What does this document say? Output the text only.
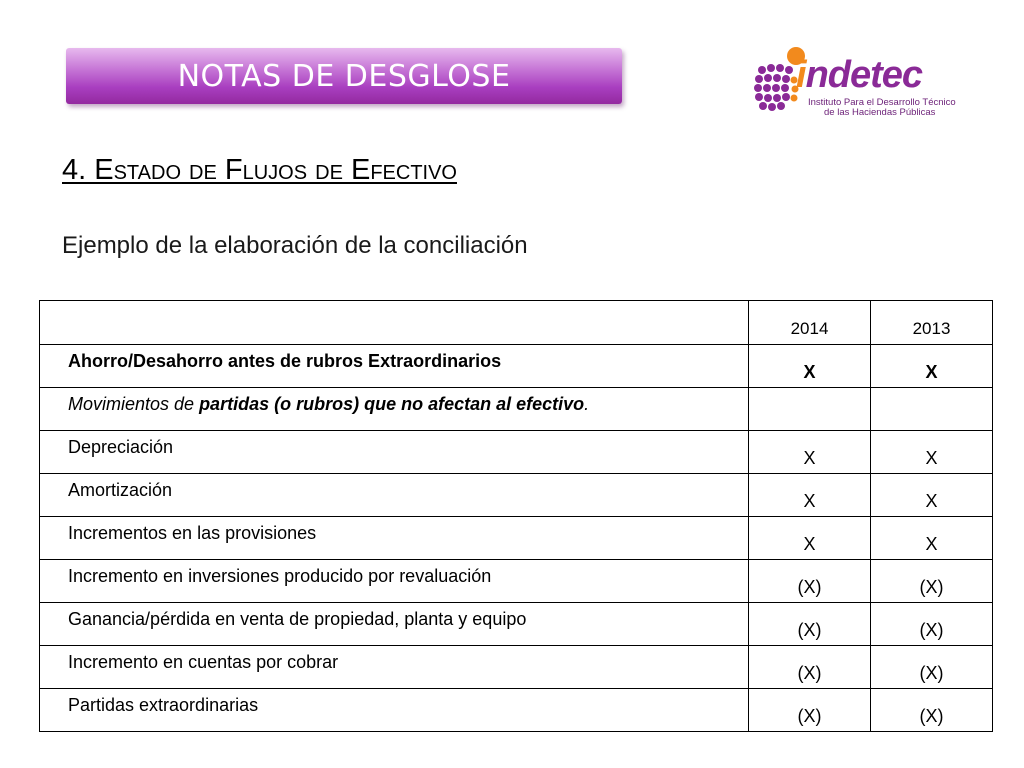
NOTAS DE DESGLOSE	indetec
Instituto Para el Desarrollo Técnico
de las Haciendas Públicas
4. Estado de Flujos de Efectivo
Ejemplo de la elaboración de la conciliación
	2014	2013
Ahorro/Desahorro antes de rubros Extraordinarios	X	X
Movimientos de partidas (o rubros) que no afectan al efectivo.		
Depreciación	X	X
Amortización	X	X
Incrementos en las provisiones	X	X
Incremento en inversiones producido por revaluación	(X)	(X)
Ganancia/pérdida en venta de propiedad, planta y equipo	(X)	(X)
Incremento en cuentas por cobrar	(X)	(X)
Partidas extraordinarias	(X)	(X)
